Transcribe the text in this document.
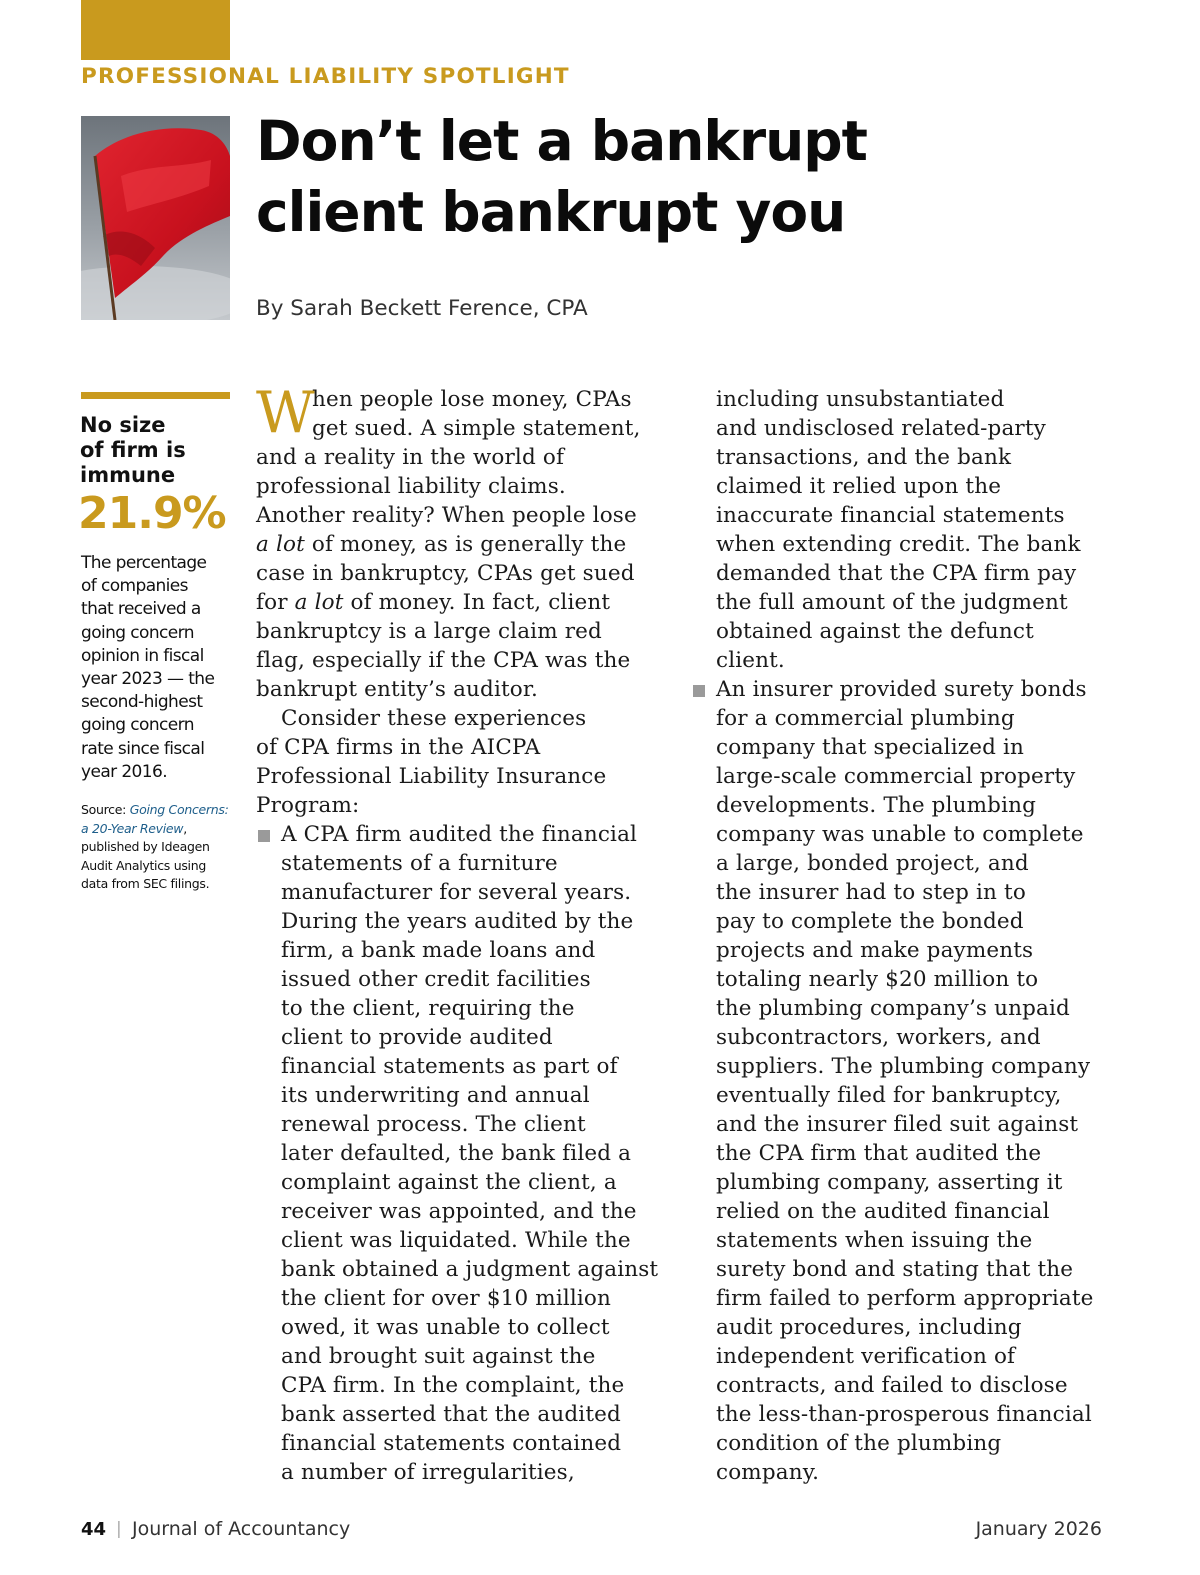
PROFESSIONAL LIABILITY SPOTLIGHT
Don’t let a bankrupt
client bankrupt you
By Sarah Beckett Ference, CPA
No size
of firm is
immune
21.9%
The percentage
of companies
that received a
going concern
opinion in fiscal
year 2023 — the
second-highest
going concern
rate since fiscal
year 2016.
Source: Going Concerns:
a 20-Year Review,
published by Ideagen
Audit Analytics using
data from SEC filings.
W
hen people lose money, CPAs
get sued. A simple statement,
and a reality in the world of
professional liability claims.
Another reality? When people lose
a lot of money, as is generally the
case in bankruptcy, CPAs get sued
for a lot of money. In fact, client
bankruptcy is a large claim red
flag, especially if the CPA was the
bankrupt entity’s auditor.
Consider these experiences
of CPA firms in the AICPA
Professional Liability Insurance
Program:
A CPA firm audited the financial
statements of a furniture
manufacturer for several years.
During the years audited by the
firm, a bank made loans and
issued other credit facilities
to the client, requiring the
client to provide audited
financial statements as part of
its underwriting and annual
renewal process. The client
later defaulted, the bank filed a
complaint against the client, a
receiver was appointed, and the
client was liquidated. While the
bank obtained a judgment against
the client for over $10 million
owed, it was unable to collect
and brought suit against the
CPA firm. In the complaint, the
bank asserted that the audited
financial statements contained
a number of irregularities,
including unsubstantiated
and undisclosed related-party
transactions, and the bank
claimed it relied upon the
inaccurate financial statements
when extending credit. The bank
demanded that the CPA firm pay
the full amount of the judgment
obtained against the defunct
client.
An insurer provided surety bonds
for a commercial plumbing
company that specialized in
large-scale commercial property
developments. The plumbing
company was unable to complete
a large, bonded project, and
the insurer had to step in to
pay to complete the bonded
projects and make payments
totaling nearly $20 million to
the plumbing company’s unpaid
subcontractors, workers, and
suppliers. The plumbing company
eventually filed for bankruptcy,
and the insurer filed suit against
the CPA firm that audited the
plumbing company, asserting it
relied on the audited financial
statements when issuing the
surety bond and stating that the
firm failed to perform appropriate
audit procedures, including
independent verification of
contracts, and failed to disclose
the less-than-prosperous financial
condition of the plumbing
company.
44 | Journal of Accountancy	January 2026
